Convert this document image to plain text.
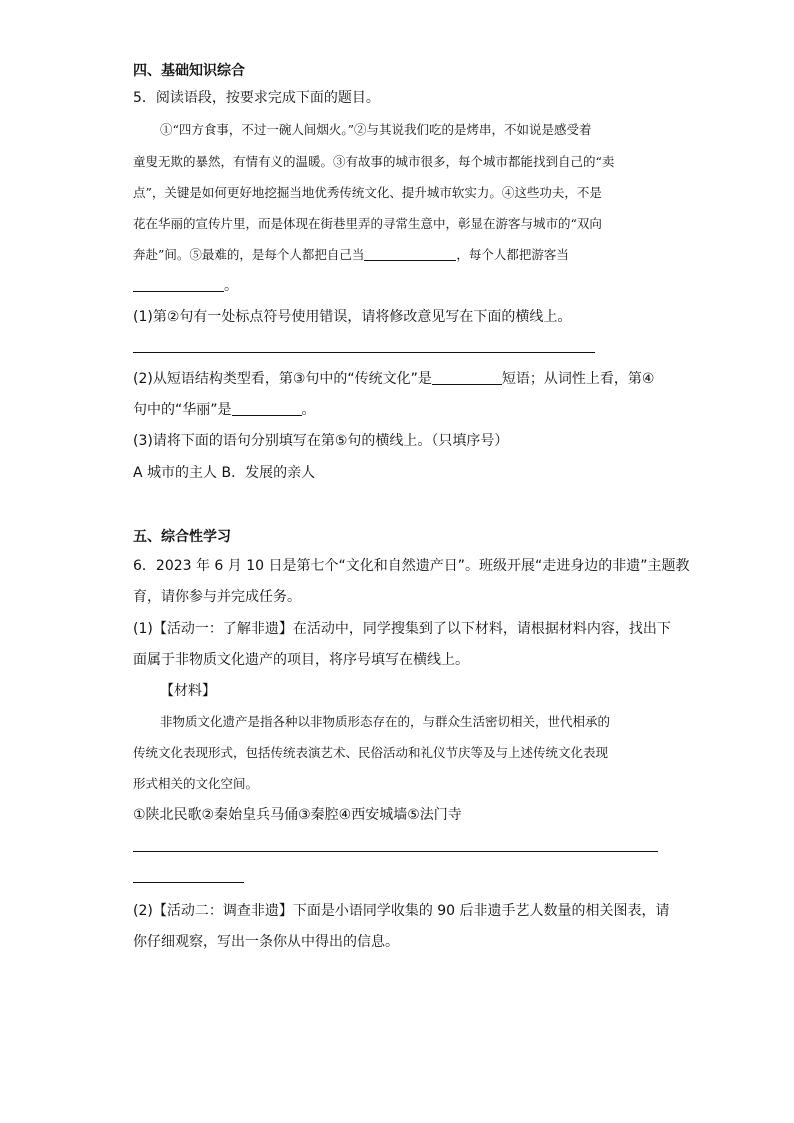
四、基础知识综合
5．阅读语段，按要求完成下面的题目。
①“四方食事，不过一碗人间烟火。”②与其说我们吃的是烤串，不如说是感受着
童叟无欺的暴然，有情有义的温暖。③有故事的城市很多，每个城市都能找到自己的“卖
点”，关键是如何更好地挖掘当地优秀传统文化、提升城市软实力。④这些功夫，不是
花在华丽的宣传片里，而是体现在街巷里弄的寻常生意中，彰显在游客与城市的“双向
奔赴”间。⑤最难的，是每个人都把自己当	，每个人都把游客当
。
(1)第②句有一处标点符号使用错误，请将修改意见写在下面的横线上。
(2)从短语结构类型看，第③句中的“传统文化”是	短语；从词性上看，第④
句中的“华丽”是	。
(3)请将下面的语句分别填写在第⑤句的横线上。（只填序号）
A 城市的主人 B．发展的亲人
五、综合性学习
6．2023 年 6 月 10 日是第七个“文化和自然遗产日”。班级开展“走进身边的非遗”主题教
育，请你参与并完成任务。
(1)【活动一：了解非遗】在活动中，同学搜集到了以下材料，请根据材料内容，找出下
面属于非物质文化遗产的项目，将序号填写在横线上。
【材料】
非物质文化遗产是指各种以非物质形态存在的，与群众生活密切相关，世代相承的
传统文化表现形式，包括传统表演艺术、民俗活动和礼仪节庆等及与上述传统文化表现
形式相关的文化空间。
①陕北民歌②秦始皇兵马俑③秦腔④西安城墙⑤法门寺
(2)【活动二：调查非遗】下面是小语同学收集的 90 后非遗手艺人数量的相关图表，请
你仔细观察，写出一条你从中得出的信息。
